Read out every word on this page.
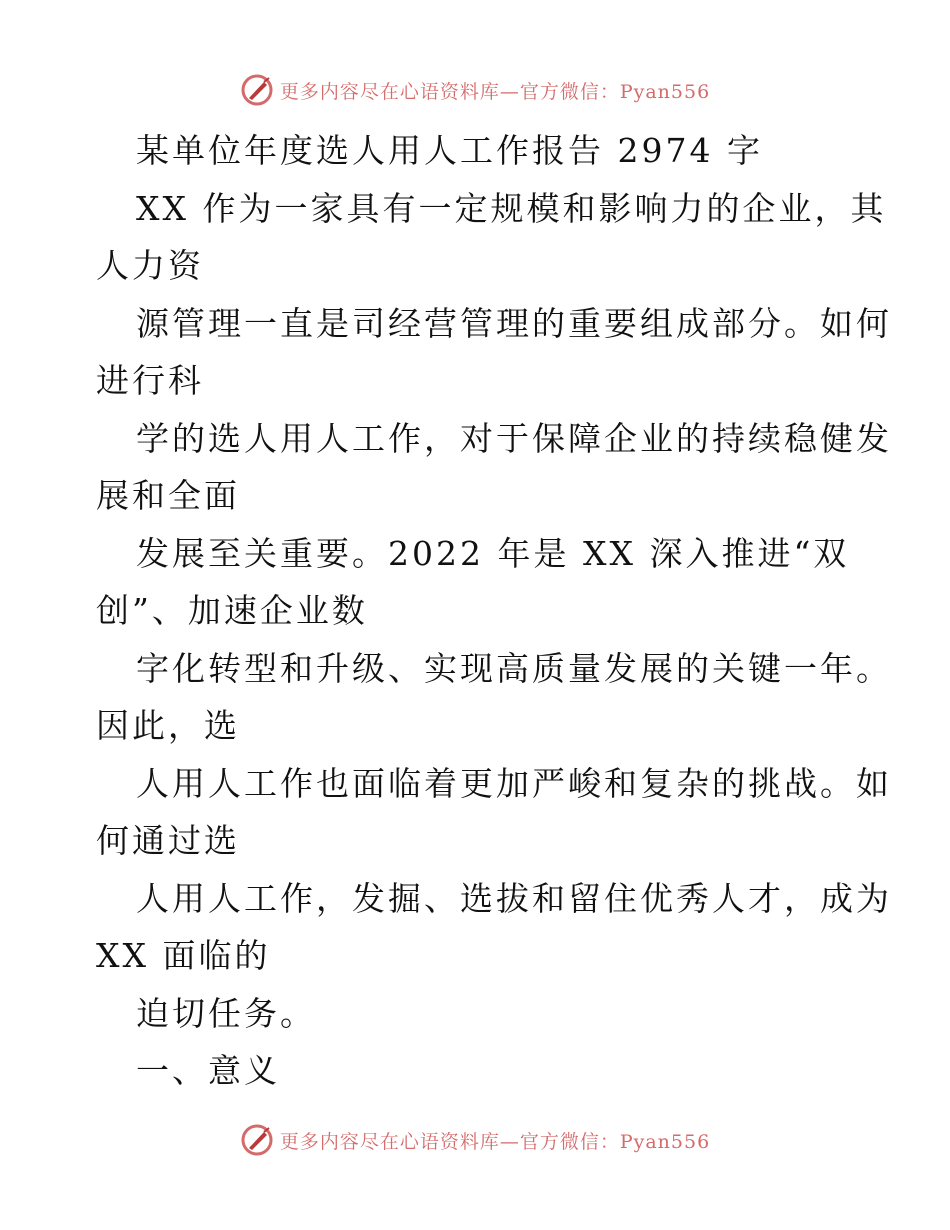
更多内容尽在心语资料库—官方微信：Pyan556
某单位年度选人用人工作报告 2974 字
XX 作为一家具有一定规模和影响力的企业，其
人力资
源管理一直是司经营管理的重要组成部分。如何
进行科
学的选人用人工作，对于保障企业的持续稳健发
展和全面
发展至关重要。2022 年是 XX 深入推进“双
创”、加速企业数
字化转型和升级、实现高质量发展的关键一年。
因此，选
人用人工作也面临着更加严峻和复杂的挑战。如
何通过选
人用人工作，发掘、选拔和留住优秀人才，成为
XX 面临的
迫切任务。
一、意义
更多内容尽在心语资料库—官方微信：Pyan556
